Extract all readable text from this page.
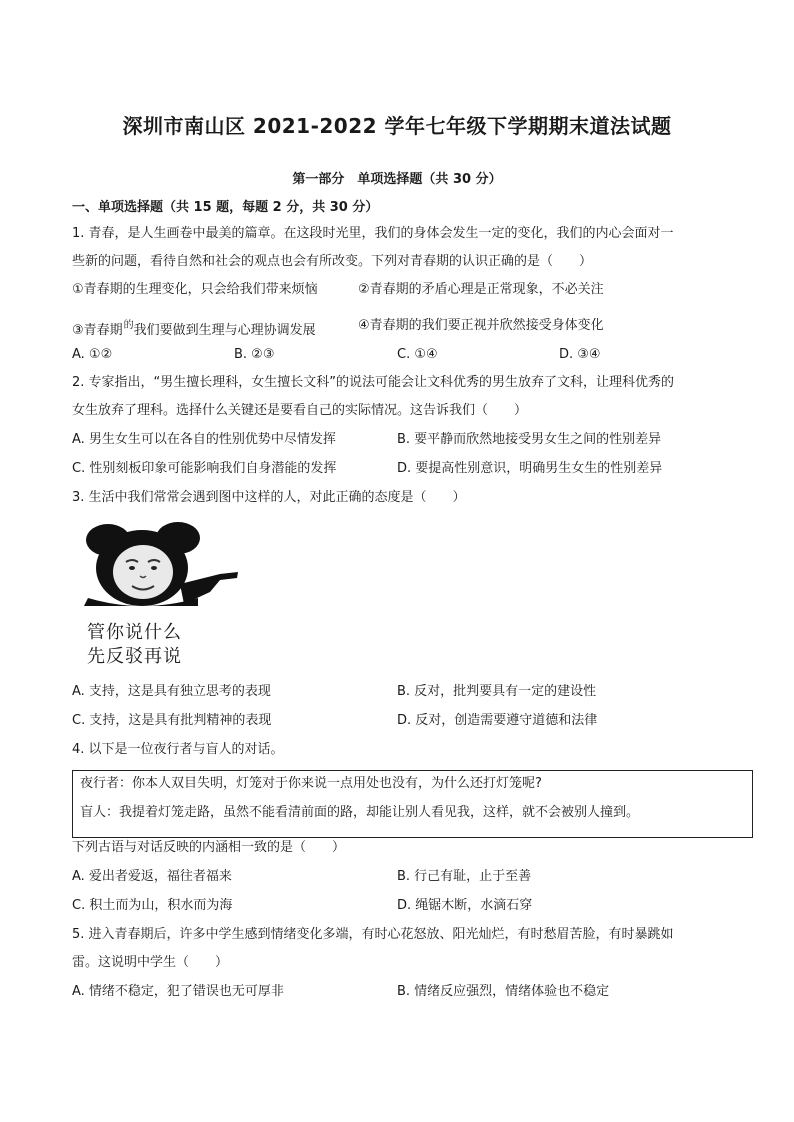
深圳市南山区 2021-2022 学年七年级下学期期末道法试题
第一部分　单项选择题（共 30 分）
一、单项选择题（共 15 题，每题 2 分，共 30 分）
1. 青春，是人生画卷中最美的篇章。在这段时光里，我们的身体会发生一定的变化，我们的内心会面对一
些新的问题，看待自然和社会的观点也会有所改变。下列对青春期的认识正确的是（　　）
①青春期的生理变化，只会给我们带来烦恼	②青春期的矛盾心理是正常现象，不必关注
③青春期$^的$我们要做到生理与心理协调发展	④青春期的我们要正视并欣然接受身体变化
A. ①②	B. ②③	C. ①④	D. ③④
2. 专家指出，“男生擅长理科，女生擅长文科”的说法可能会让文科优秀的男生放弃了文科，让理科优秀的
女生放弃了理科。选择什么关键还是要看自己的实际情况。这告诉我们（　　）
A. 男生女生可以在各自的性别优势中尽情发挥	B. 要平静而欣然地接受男女生之间的性别差异
C. 性别刻板印象可能影响我们自身潜能的发挥	D. 要提高性别意识，明确男生女生的性别差异
3. 生活中我们常常会遇到图中这样的人，对此正确的态度是（　　）
管你说什么
先反驳再说
A. 支持，这是具有独立思考的表现	B. 反对，批判要具有一定的建设性
C. 支持，这是具有批判精神的表现	D. 反对，创造需要遵守道德和法律
4. 以下是一位夜行者与盲人的对话。
夜行者：你本人双目失明，灯笼对于你来说一点用处也没有，为什么还打灯笼呢?
盲人：我提着灯笼走路，虽然不能看清前面的路，却能让别人看见我，这样，就不会被别人撞到。
下列古语与对话反映的内涵相一致的是（　　）
A. 爱出者爱返，福往者福来	B. 行己有耻，止于至善
C. 积土而为山，积水而为海	D. 绳锯木断，水滴石穿
5. 进入青春期后，许多中学生感到情绪变化多端，有时心花怒放、阳光灿烂，有时愁眉苦脸，有时暴跳如
雷。这说明中学生（　　）
A. 情绪不稳定，犯了错误也无可厚非	B. 情绪反应强烈，情绪体验也不稳定
